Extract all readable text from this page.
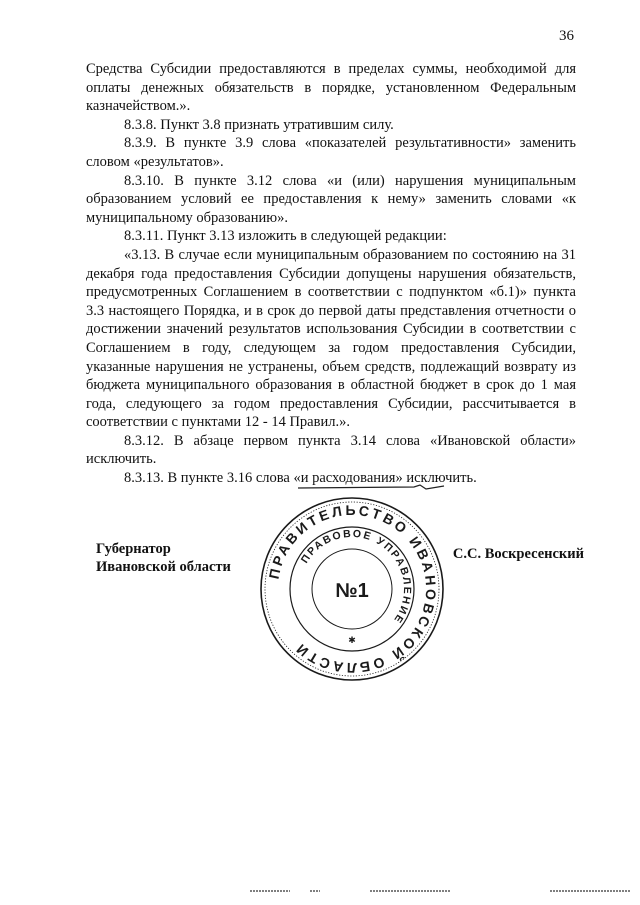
36

Средства Субсидии предоставляются в пределах суммы, необходимой для оплаты денежных обязательств в порядке, установленном Федеральным казначейством.».

8.3.8. Пункт 3.8 признать утратившим силу.

8.3.9. В пункте 3.9 слова «показателей результативности» заменить словом «результатов».

8.3.10. В пункте 3.12 слова «и (или) нарушения муниципальным образованием условий ее предоставления к нему» заменить словами «к муниципальному образованию».

8.3.11. Пункт 3.13 изложить в следующей редакции:

«3.13. В случае если муниципальным образованием по состоянию на 31 декабря года предоставления Субсидии допущены нарушения обязательств, предусмотренных Соглашением в соответствии с подпунктом «б.1)» пункта 3.3 настоящего Порядка, и в срок до первой даты представления отчетности о достижении значений результатов использования Субсидии в соответствии с Соглашением в году, следующем за годом предоставления Субсидии, указанные нарушения не устранены, объем средств, подлежащий возврату из бюджета муниципального образования в областной бюджет в срок до 1 мая года, следующего за годом предоставления Субсидии, рассчитывается в соответствии с пунктами 12 - 14 Правил.».

8.3.12. В абзаце первом пункта 3.14 слова «Ивановской области» исключить.

8.3.13. В пункте 3.16 слова «и расходования» исключить.

Губернатор
Ивановской области ПРАВИТЕЛЬСТВО ИВАНОВСКОЙ ОБЛАСТИ
ПРАВОВОЕ УПРАВЛЕНИЕ
№1
✱
С.С. Воскресенский
